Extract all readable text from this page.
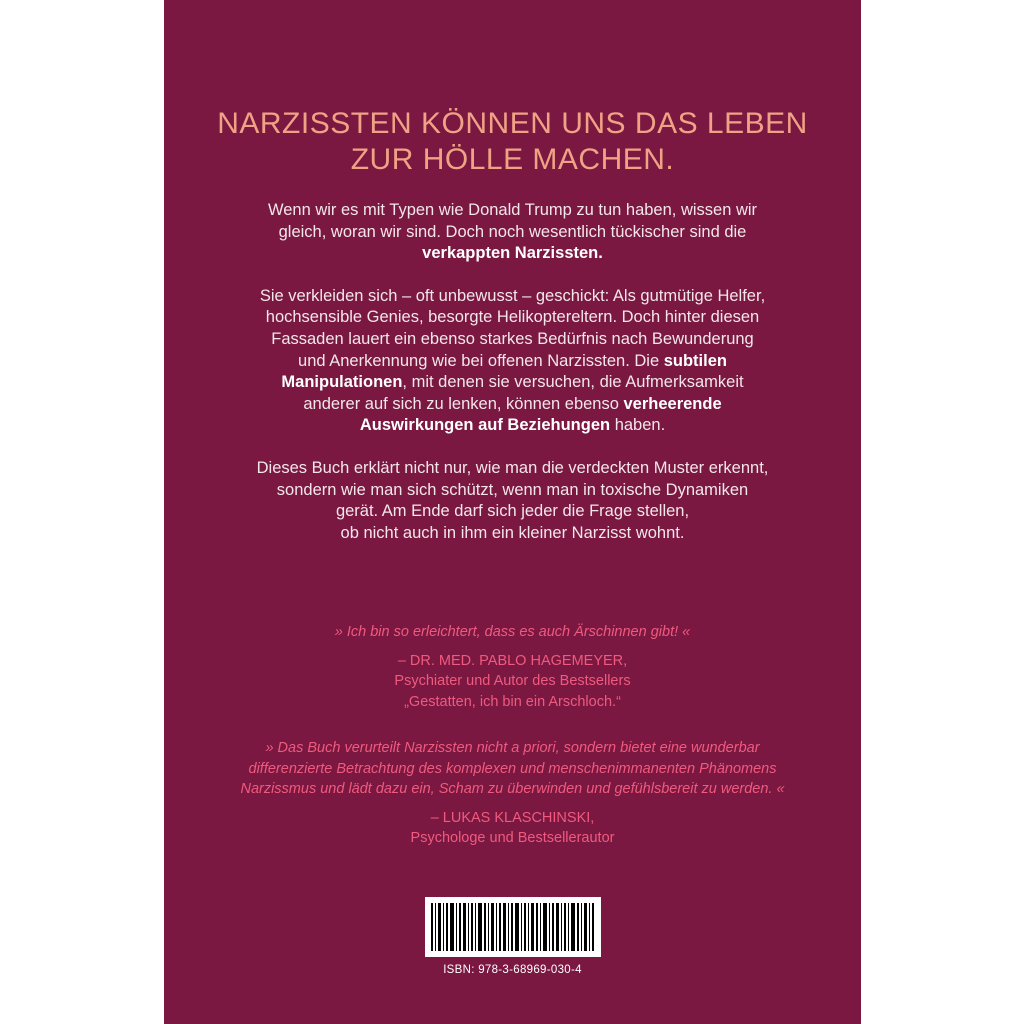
NARZISSTEN KÖNNEN UNS DAS LEBEN
ZUR HÖLLE MACHEN.

Wenn wir es mit Typen wie Donald Trump zu tun haben, wissen wir
gleich, woran wir sind. Doch noch wesentlich tückischer sind die
verkappten Narzissten.

Sie verkleiden sich – oft unbewusst – geschickt: Als gutmütige Helfer,
hochsensible Genies, besorgte Helikoptereltern. Doch hinter diesen
Fassaden lauert ein ebenso starkes Bedürfnis nach Bewunderung
und Anerkennung wie bei offenen Narzissten. Die subtilen
Manipulationen, mit denen sie versuchen, die Aufmerksamkeit
anderer auf sich zu lenken, können ebenso verheerende
Auswirkungen auf Beziehungen haben.

Dieses Buch erklärt nicht nur, wie man die verdeckten Muster erkennt,
sondern wie man sich schützt, wenn man in toxische Dynamiken
gerät. Am Ende darf sich jeder die Frage stellen,
ob nicht auch in ihm ein kleiner Narzisst wohnt.

» Ich bin so erleichtert, dass es auch Ärschinnen gibt! «
– DR. MED. PABLO HAGEMEYER,
Psychiater und Autor des Bestsellers
„Gestatten, ich bin ein Arschloch.“
» Das Buch verurteilt Narzissten nicht a priori, sondern bietet eine wunderbar
differenzierte Betrachtung des komplexen und menschenimmanenten Phänomens
Narzissmus und lädt dazu ein, Scham zu überwinden und gefühlsbereit zu werden. «
– LUKAS KLASCHINSKI,
Psychologe und Bestsellerautor
ISBN: 978-3-68969-030-4
